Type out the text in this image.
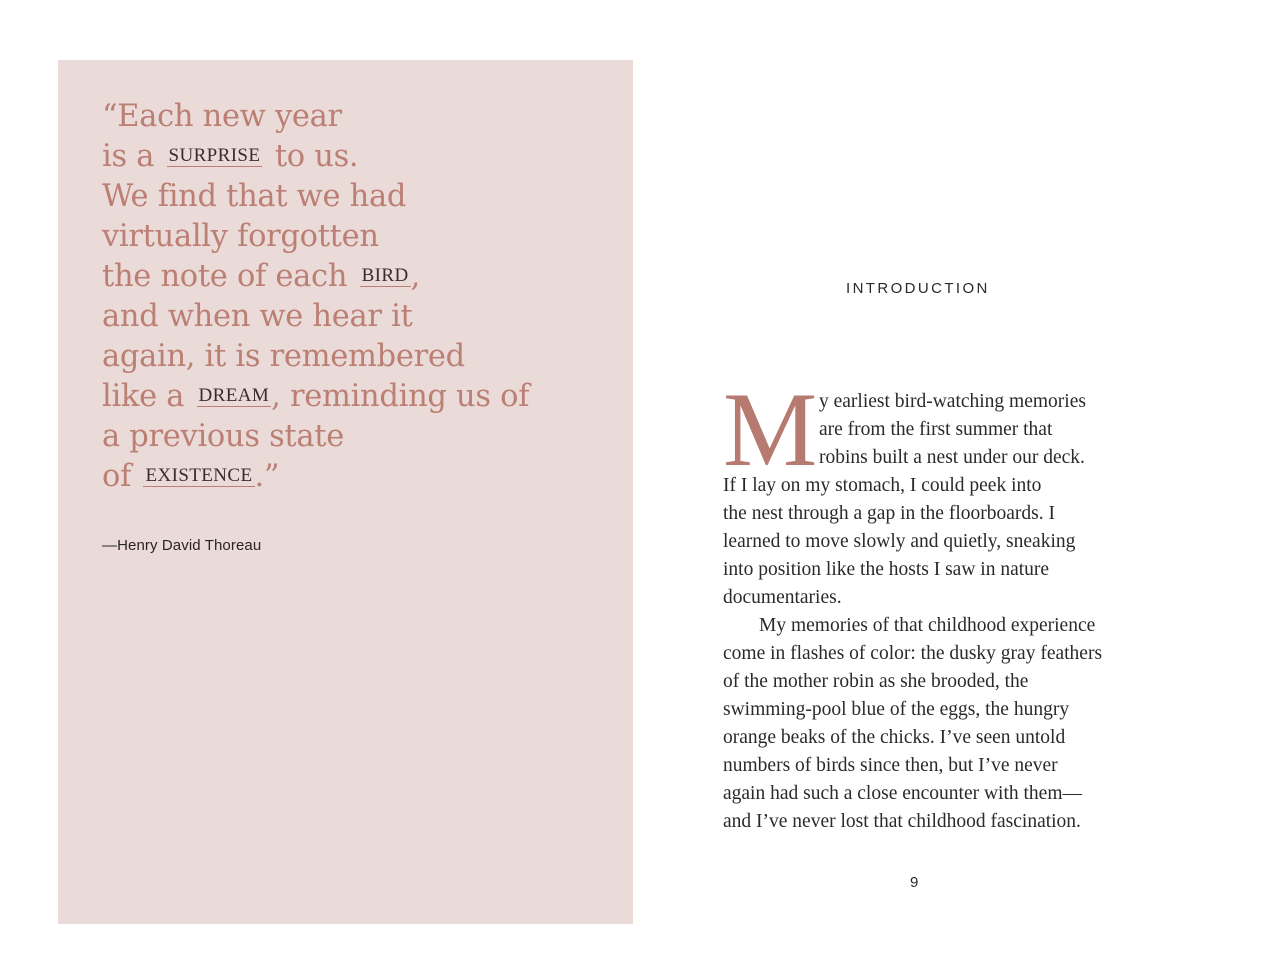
“Each new year
is a SURPRISE to us.
We find that we had
virtually forgotten
the note of each BIRD,
and when we hear it
again, it is remembered
like a DREAM, reminding us of
a previous state
of EXISTENCE.”
—Henry David Thoreau
INTRODUCTION
M y earliest bird-watching memories
are from the first summer that
robins built a nest under our deck.
If I lay on my stomach, I could peek into
the nest through a gap in the floorboards. I
learned to move slowly and quietly, sneaking
into position like the hosts I saw in nature
documentaries.
My memories of that childhood experience
come in flashes of color: the dusky gray feathers
of the mother robin as she brooded, the
swimming-pool blue of the eggs, the hungry
orange beaks of the chicks. I’ve seen untold
numbers of birds since then, but I’ve never
again had such a close encounter with them—
and I’ve never lost that childhood fascination.
9
